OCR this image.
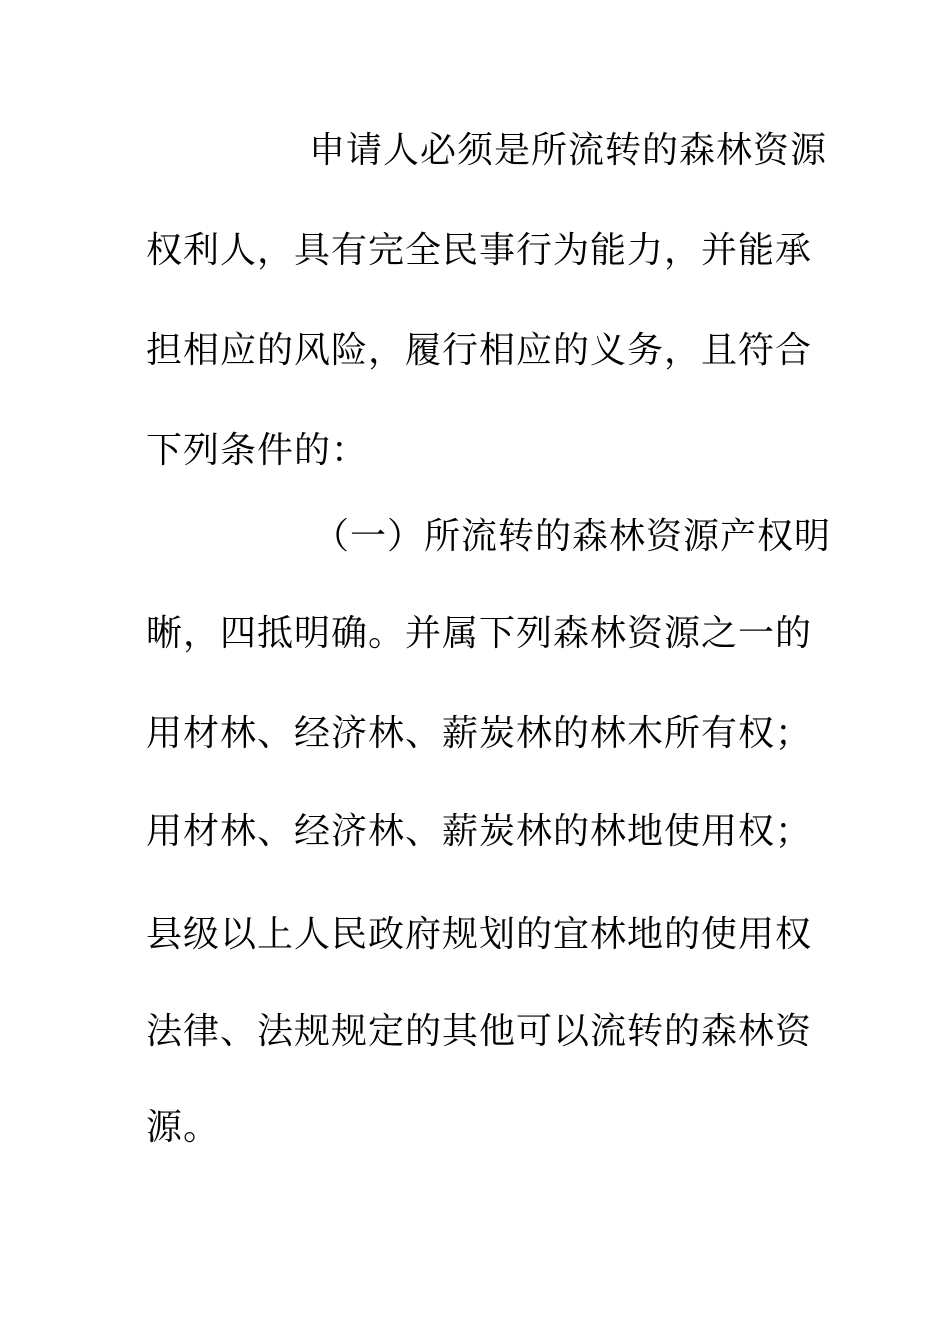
申请人必须是所流转的森林资源
权利人，具有完全民事行为能力，并能承
担相应的风险，履行相应的义务，且符合
下列条件的：
（一）所流转的森林资源产权明
晰，四抵明确。并属下列森林资源之一的
用材林、经济林、薪炭林的林木所有权；
用材林、经济林、薪炭林的林地使用权；
县级以上人民政府规划的宜林地的使用权
法律、法规规定的其他可以流转的森林资
源。
